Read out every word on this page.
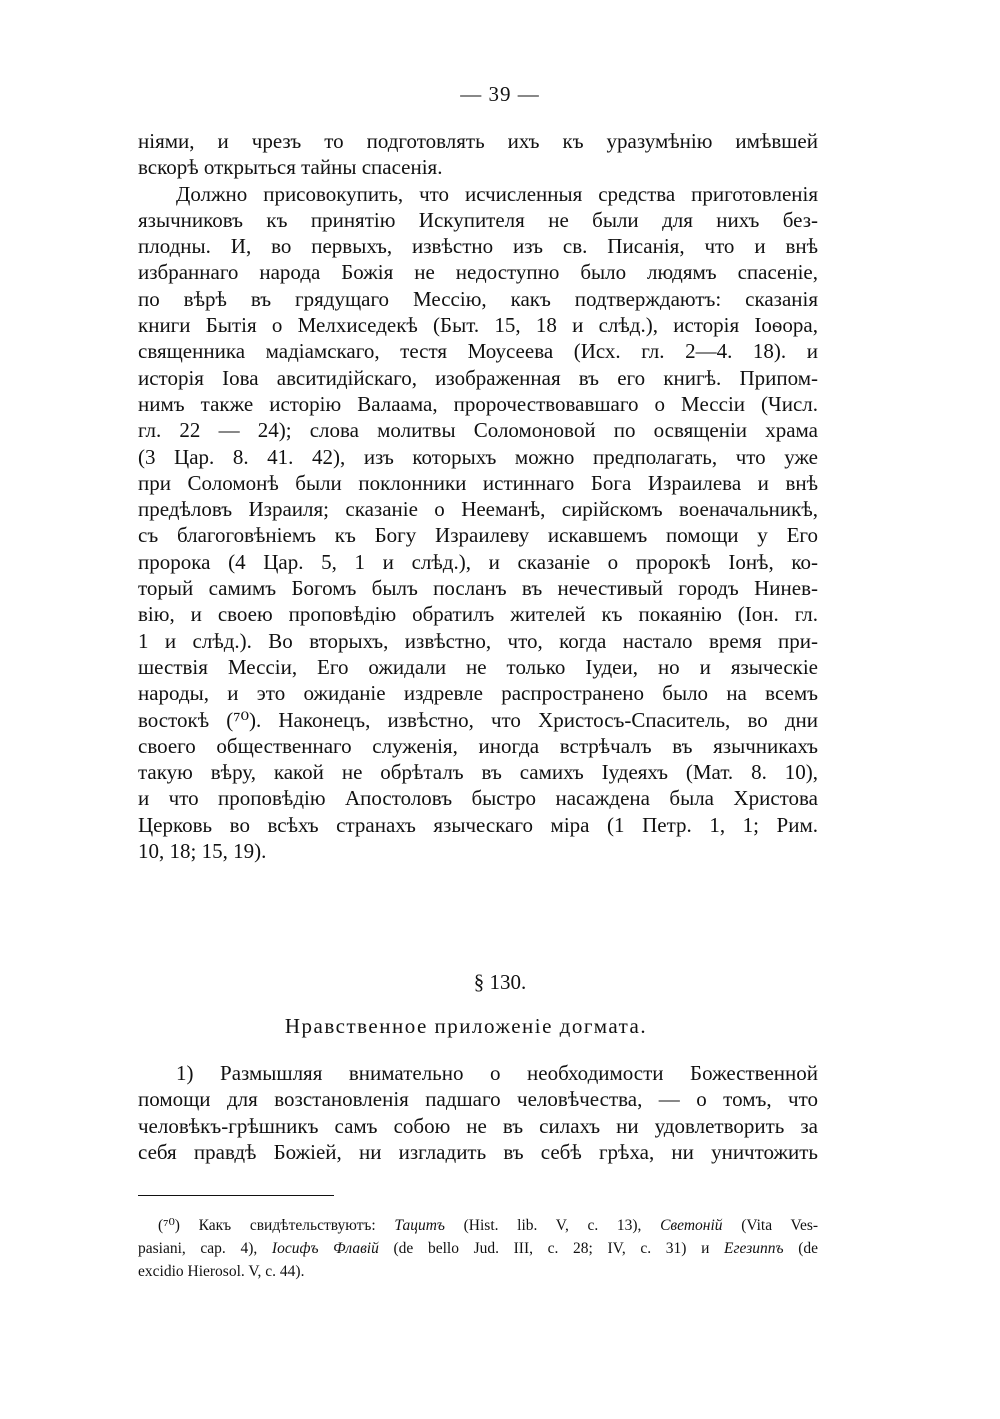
— 39 —
ніями, и чрезъ то подготовлять ихъ къ уразумѣнію имѣвшей
вскорѣ открыться тайны спасенія.
Должно присовокупить, что исчисленныя средства приготовленія
язычниковъ къ принятію Искупителя не были для нихъ без-
плодны. И, во первыхъ, извѣстно изъ св. Писанія, что и внѣ
избраннаго народа Божія не недоступно было людямъ спасеніе,
по вѣрѣ въ грядущаго Мессію, какъ подтверждаютъ: сказанія
книги Бытія о Мелхиседекѣ (Быт. 15, 18 и слѣд.), исторія Іоѳора,
священника мадіамскаго, тестя Моусеева (Исх. гл. 2—4. 18). и
исторія Іова авситидійскаго, изображенная въ его книгѣ. Припом-
нимъ также исторію Валаама, пророчествовавшаго о Мессіи (Числ.
гл. 22 — 24); слова молитвы Соломоновой по освященіи храма
(3 Цар. 8. 41. 42), изъ которыхъ можно предполагать, что уже
при Соломонѣ были поклонники истиннаго Бога Израилева и внѣ
предѣловъ Израиля; сказаніе о Нееманѣ, сирійскомъ военачальникѣ,
съ благоговѣніемъ къ Богу Израилеву искавшемъ помощи у Его
пророка (4 Цар. 5, 1 и слѣд.), и сказаніе о пророкѣ Іонѣ, ко-
торый самимъ Богомъ былъ посланъ въ нечестивый городъ Нинев-
вію, и своею проповѣдію обратилъ жителей къ покаянію (Іон. гл.
1 и слѣд.). Во вторыхъ, извѣстно, что, когда настало время при-
шествія Мессіи, Его ожидали не только Іудеи, но и языческіе
народы, и это ожиданіе издревле распространено было на всемъ
востокѣ (⁷⁰). Наконецъ, извѣстно, что Христосъ-Спаситель, во дни
своего общественнаго служенія, иногда встрѣчалъ въ язычникахъ
такую вѣру, какой не обрѣталъ въ самихъ Іудеяхъ (Мат. 8. 10),
и что проповѣдію Апостоловъ быстро насаждена была Христова
Церковь во всѣхъ странахъ языческаго міра (1 Петр. 1, 1; Рим.
10, 18; 15, 19).
§ 130.
Нравственное приложеніе догмата.
1) Размышляя внимательно о необходимости Божественной
помощи для возстановленія падшаго человѣчества, — о томъ, что
человѣкъ-грѣшникъ самъ собою не въ силахъ ни удовлетворить за
себя правдѣ Божіей, ни изгладить въ себѣ грѣха, ни уничтожить
(⁷⁰) Какъ свидѣтельствуютъ: Тацитъ (Hist. lib. V, c. 13), Светоній (Vita Ves-
pasiani, cap. 4), Іосифъ Флавій (de bello Jud. III, c. 28; IV, c. 31) и Егезиппъ (de
excidio Hierosol. V, c. 44).
